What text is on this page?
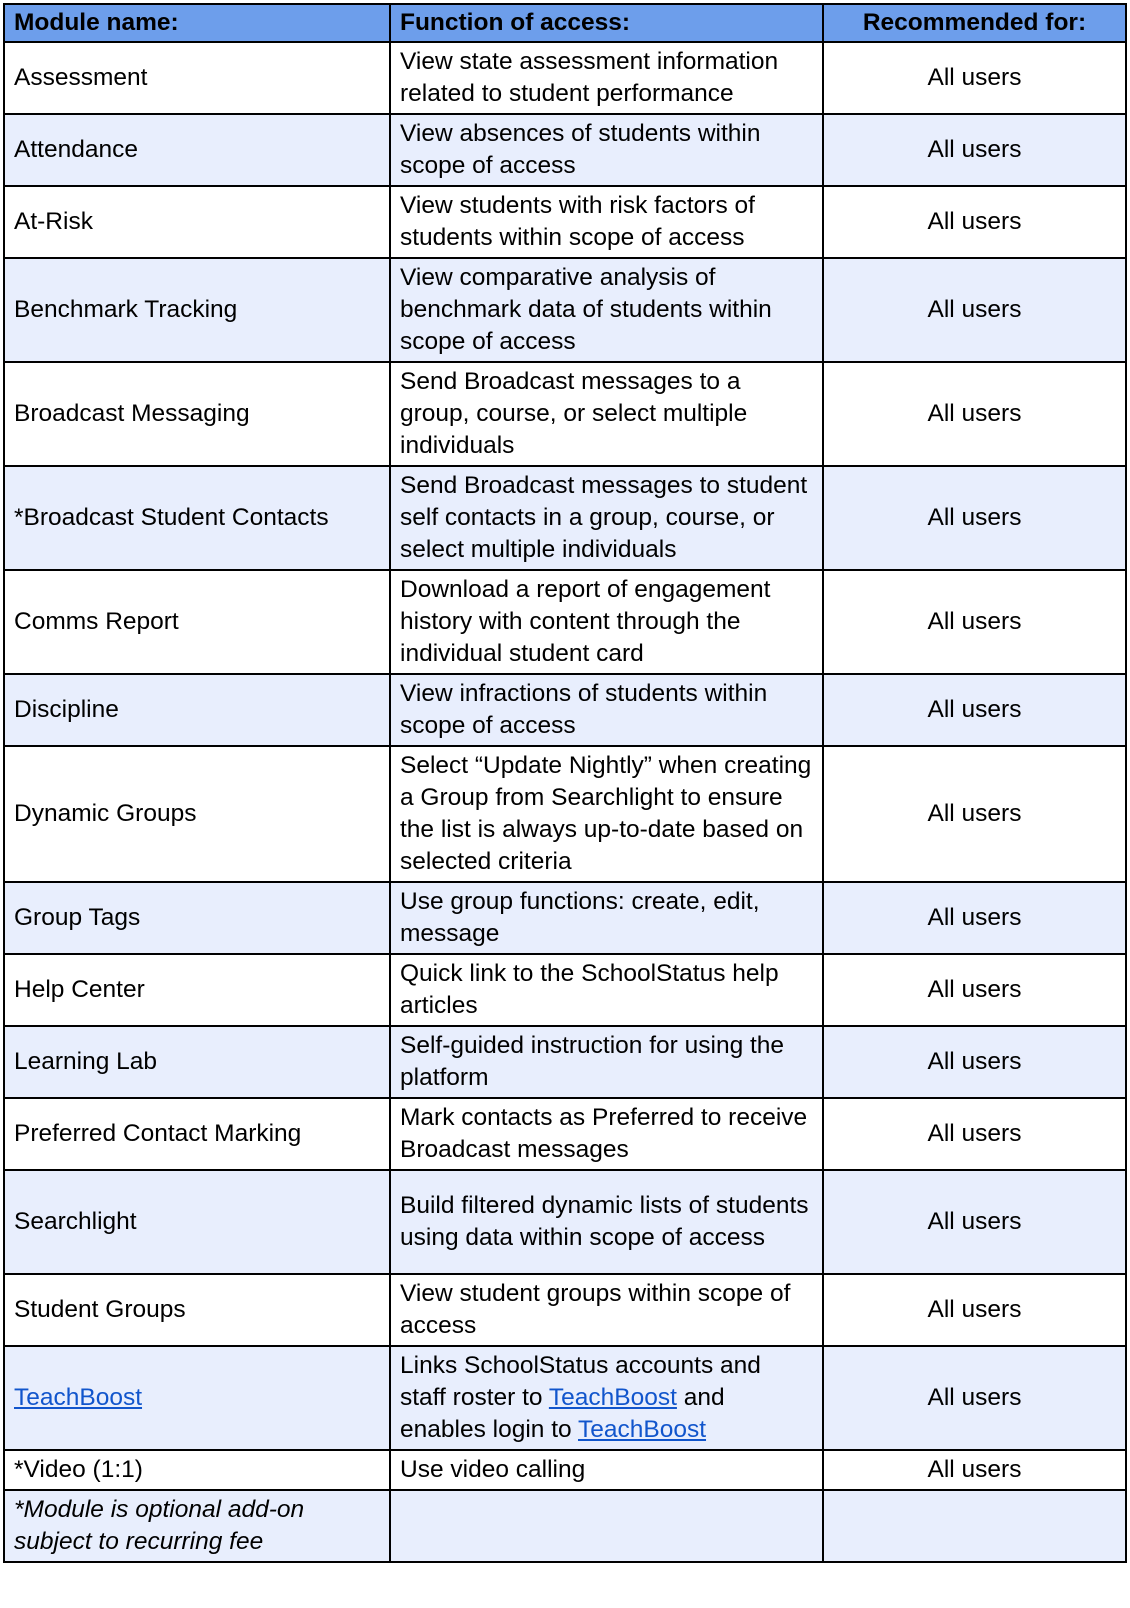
Module name:	Function of access:	Recommended for:
Assessment	View state assessment information related to student performance	All users
Attendance	View absences of students within scope of access	All users
At-Risk	View students with risk factors of students within scope of access	All users
Benchmark Tracking	View comparative analysis of benchmark data of students within scope of access	All users
Broadcast Messaging	Send Broadcast messages to a group, course, or select multiple individuals	All users
*Broadcast Student Contacts	Send Broadcast messages to student self contacts in a group, course, or select multiple individuals	All users
Comms Report	Download a report of engagement history with content through the individual student card	All users
Discipline	View infractions of students within scope of access	All users
Dynamic Groups	Select “Update Nightly” when creating a Group from Searchlight to ensure the list is always up-to-date based on selected criteria	All users
Group Tags	Use group functions: create, edit, message	All users
Help Center	Quick link to the SchoolStatus help articles	All users
Learning Lab	Self-guided instruction for using the platform	All users
Preferred Contact Marking	Mark contacts as Preferred to receive Broadcast messages	All users
Searchlight	Build filtered dynamic lists of students using data within scope of access	All users
Student Groups	View student groups within scope of access	All users
TeachBoost	Links SchoolStatus accounts and staff roster to TeachBoost and enables login to TeachBoost	All users
*Video (1:1)	Use video calling	All users
*Module is optional add-on subject to recurring fee		
